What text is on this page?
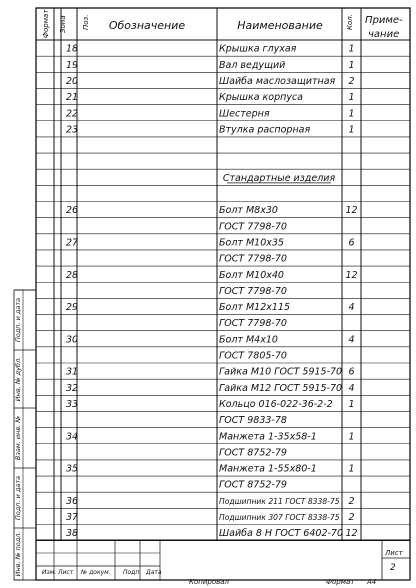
Формат Зона Поз. Обозначение	Наименование	Кол. Приме-
чание
18	Крышка глухая	1
19	Вал ведущий	1
20	Шайба маслозащитная 2
21	Крышка корпуса	1
22	Шестерня	1
23	Втулка распорная	1
Стандартные изделия
26	Болт М8х30	12
ГОСТ 7798-70
27	Болт М10х35	6
ГОСТ 7798-70
28	Болт М10х40	12
ГОСТ 7798-70
29	Болт М12х115	4
ГОСТ 7798-70
30	Болт М4х10	4
ГОСТ 7805-70
31	Гайка М10 ГОСТ 5915-70 6
32	Гайка М12 ГОСТ 5915-70 4
33	Кольцо 016-022-36-2-2 1
ГОСТ 9833-78
34	Манжета 1-35х58-1	1
ГОСТ 8752-79
35	Манжета 1-55х80-1	1
ГОСТ 8752-79
36	Подшипник 211 ГОСТ 8338-75 2
37	Подшипник 307 ГОСТ 8338-75 2
38	Шайба 8 Н ГОСТ 6402-70 12
Подп. и дата
Инв. № дубл.
Взам. инв. №
Подп. и дата
Инв. № подл.	Изм. Лист № докум. Подп. Дата
Лист
2
Копировал	Формат А4
